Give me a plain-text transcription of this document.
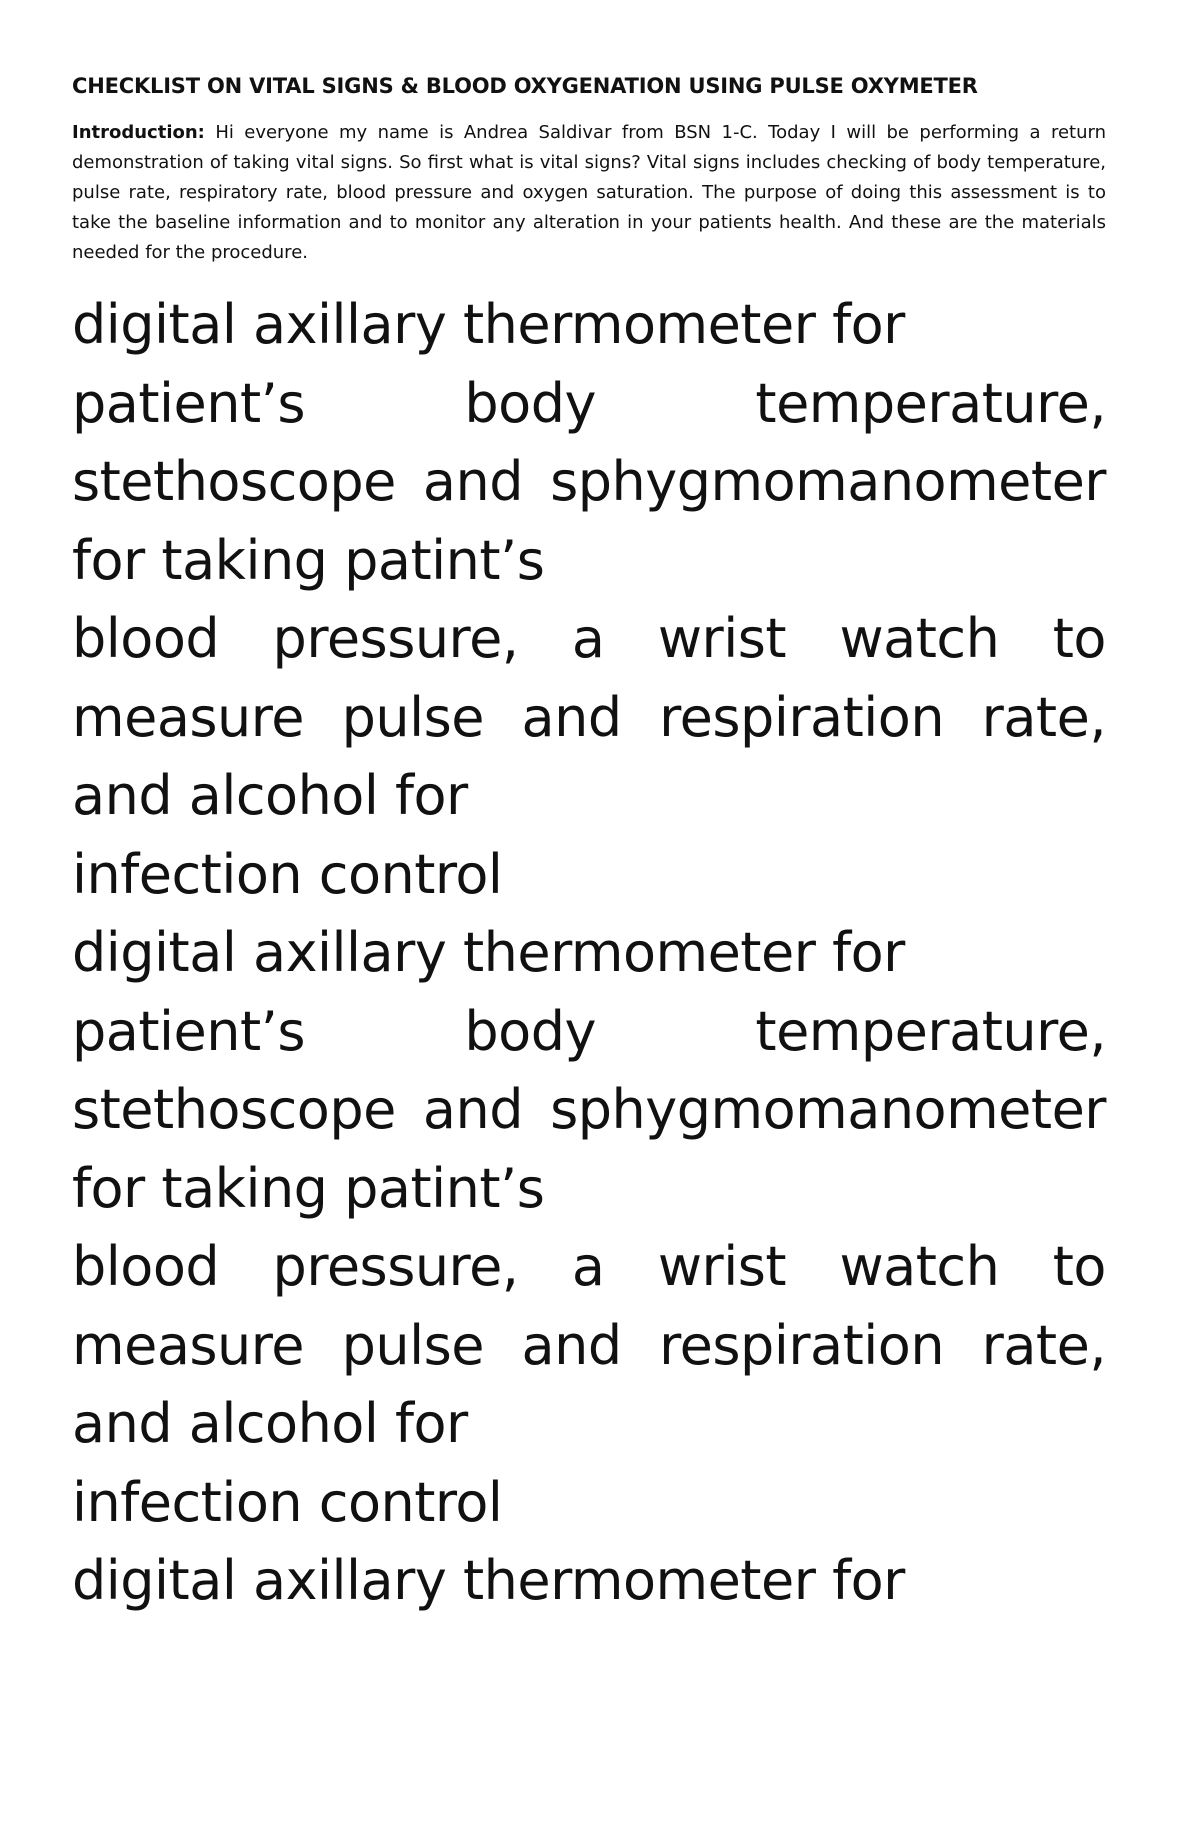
CHECKLIST ON VITAL SIGNS & BLOOD OXYGENATION USING PULSE OXYMETER

Introduction: Hi everyone my name is Andrea Saldivar from BSN 1-C. Today I will be performing a return demonstration of taking vital signs. So first what is vital signs? Vital signs includes checking of body temperature, pulse rate, respiratory rate, blood pressure and oxygen saturation. The purpose of doing this assessment is to take the baseline information and to monitor any alteration in your patients health. And these are the materials needed for the procedure.

digital axillary thermometer for
patient’s	body	temperature,
stethoscope and sphygmomanometer
for taking patint’s
blood pressure, a wrist watch to
measure pulse and respiration rate,
and alcohol for
infection control
digital axillary thermometer for
patient’s	body	temperature,
stethoscope and sphygmomanometer
for taking patint’s
blood pressure, a wrist watch to
measure pulse and respiration rate,
and alcohol for
infection control
digital axillary thermometer for
